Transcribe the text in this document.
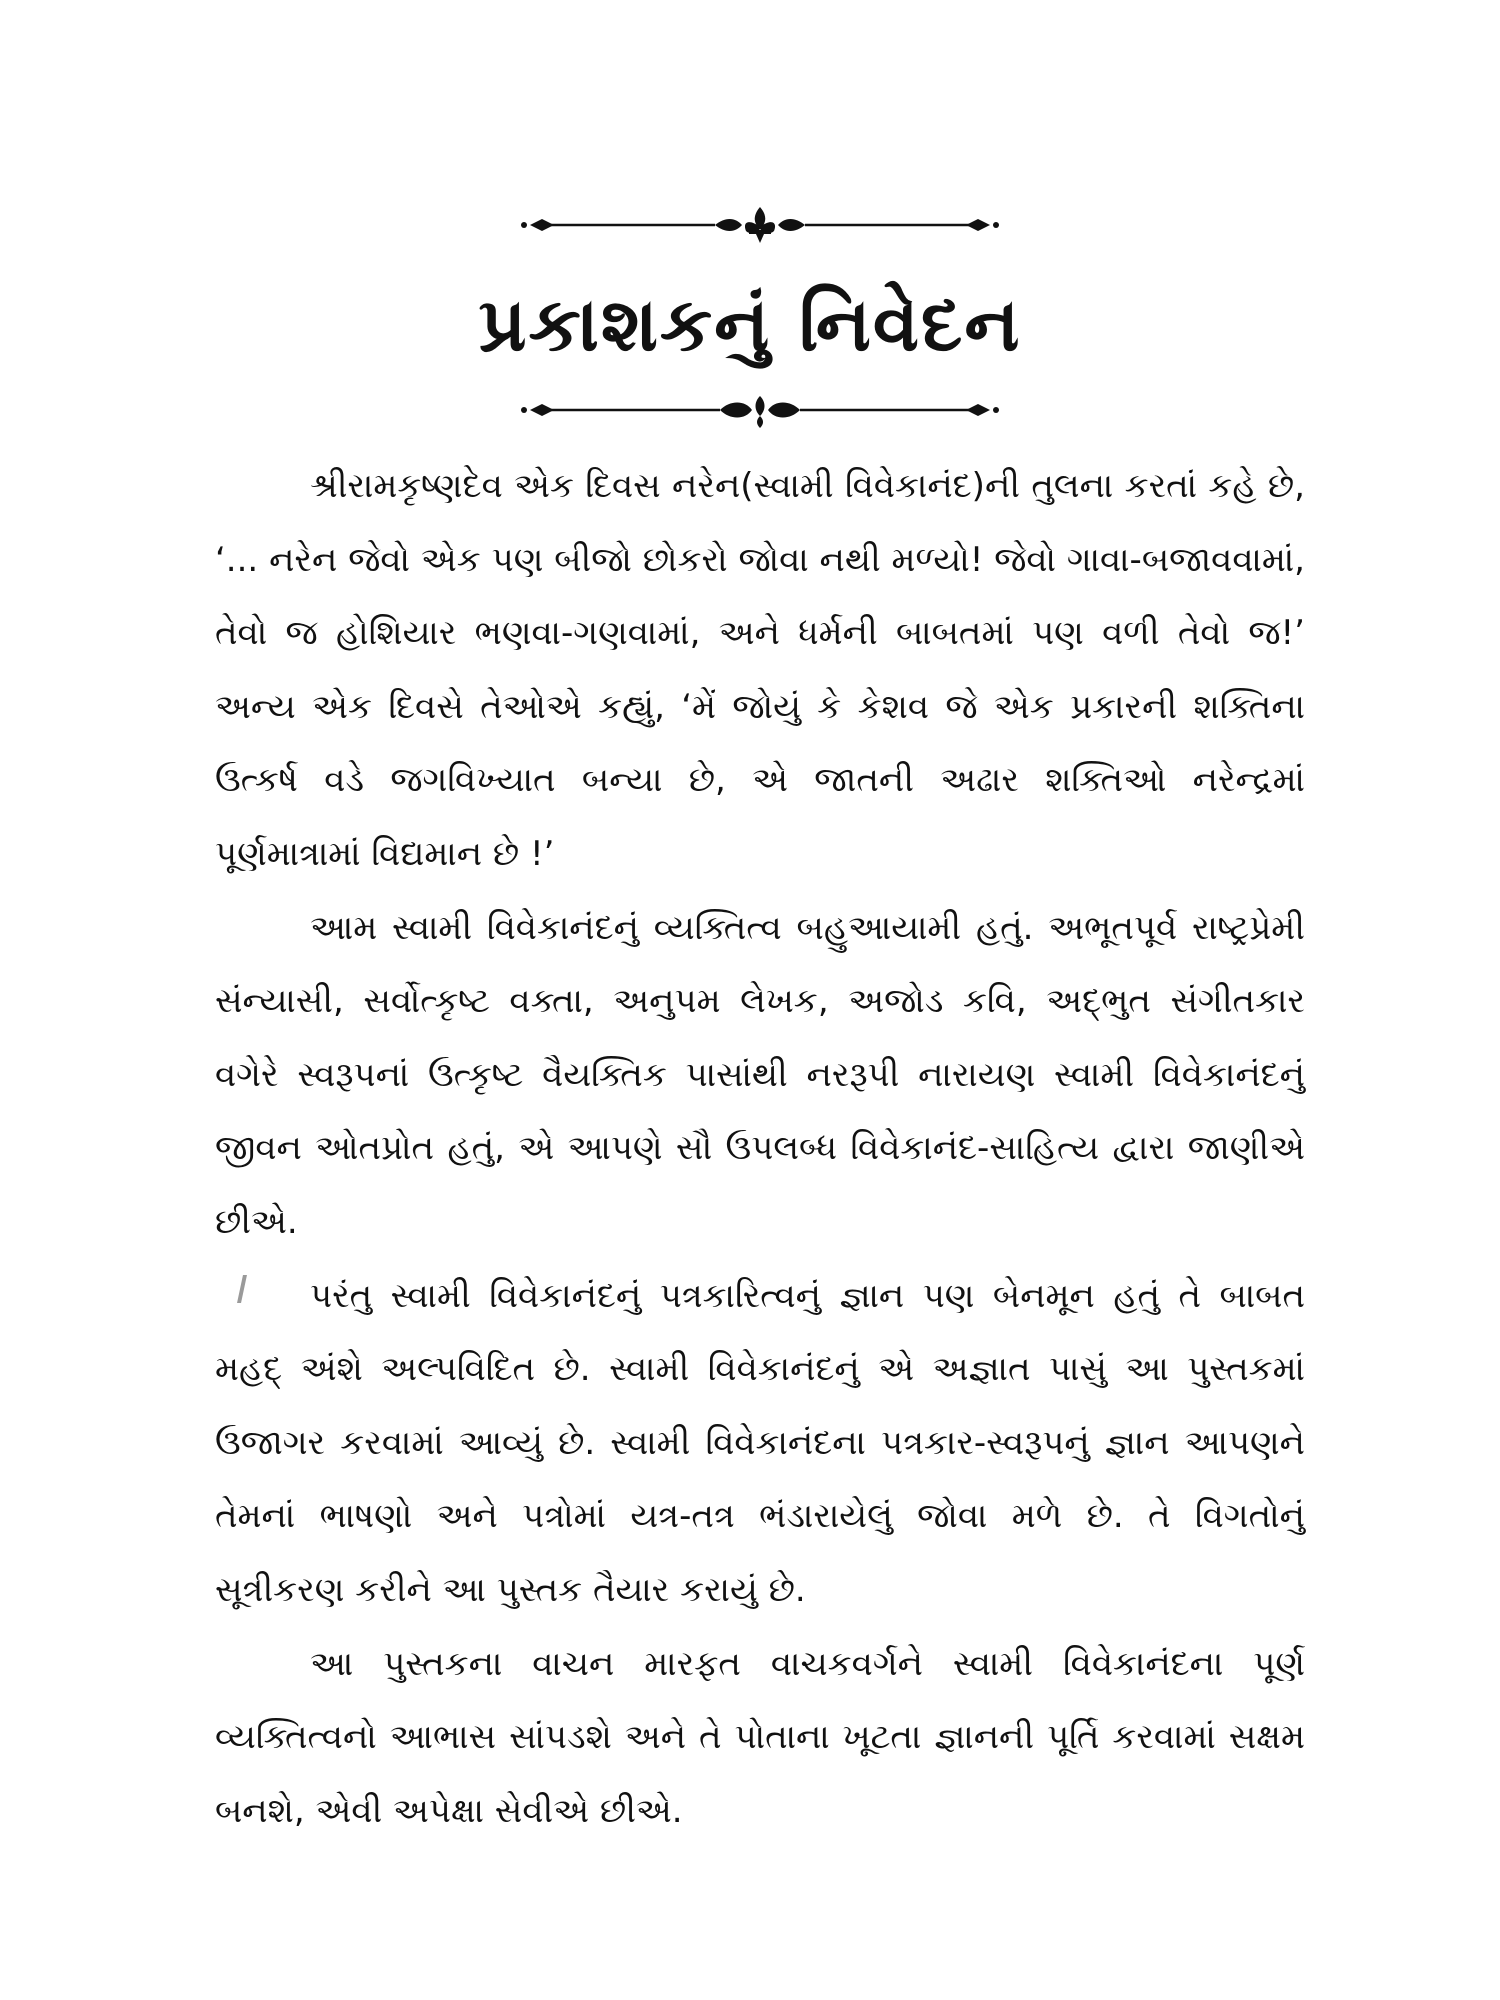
પ્રકાશકનું નિવેદન

શ્રીરામકૃષ્ણદેવ એક દિવસ નરેન(સ્વામી વિવેકાનંદ)ની તુલના કરતાં કહે છે, ‘... નરેન જેવો એક પણ બીજો છોકરો જોવા નથી મળ્યો! જેવો ગાવા-બજાવવામાં, તેવો જ હોશિયાર ભણવા-ગણવામાં, અને ધર્મની બાબતમાં પણ વળી તેવો જ!’ અન્ય એક દિવસે તેઓએ કહ્યું, ‘મેં જોયું કે કેશવ જે એક પ્રકારની શક્તિના ઉત્કર્ષ વડે જગવિખ્યાત બન્યા છે, એ જાતની અઢાર શક્તિઓ નરેન્દ્રમાં પૂર્ણમાત્રામાં વિદ્યમાન છે !’

આમ સ્વામી વિવેકાનંદનું વ્યક્તિત્વ બહુઆયામી હતું. અભૂતપૂર્વ રાષ્ટ્રપ્રેમી સંન્યાસી, સર્વોત્કૃષ્ટ વક્તા, અનુપમ લેખક, અજોડ કવિ, અદ્‌ભુત સંગીતકાર વગેરે સ્વરૂપનાં ઉત્કૃષ્ટ વૈયક્તિક પાસાંથી નરરૂપી નારાયણ સ્વામી વિવેકાનંદનું જીવન ઓતપ્રોત હતું, એ આપણે સૌ ઉપલબ્ધ વિવેકાનંદ-સાહિત્ય દ્વારા જાણીએ છીએ.

પરંતુ સ્વામી વિવેકાનંદનું પત્રકારિત્વનું જ્ઞાન પણ બેનમૂન હતું તે બાબત મહદ્ અંશે અલ્પવિદિત છે. સ્વામી વિવેકાનંદનું એ અજ્ઞાત પાસું આ પુસ્તકમાં ઉજાગર કરવામાં આવ્યું છે. સ્વામી વિવેકાનંદના પત્રકાર-સ્વરૂપનું જ્ઞાન આપણને તેમનાં ભાષણો અને પત્રોમાં યત્ર-તત્ર ભંડારાયેલું જોવા મળે છે. તે વિગતોનું સૂત્રીકરણ કરીને આ પુસ્તક તૈયાર કરાયું છે.

આ પુસ્તકના વાચન મારફત વાચકવર્ગને સ્વામી વિવેકાનંદના પૂર્ણ વ્યક્તિત્વનો આભાસ સાંપડશે અને તે પોતાના ખૂટતા જ્ઞાનની પૂર્તિ કરવામાં સક્ષમ બનશે, એવી અપેક્ષા સેવીએ છીએ.
